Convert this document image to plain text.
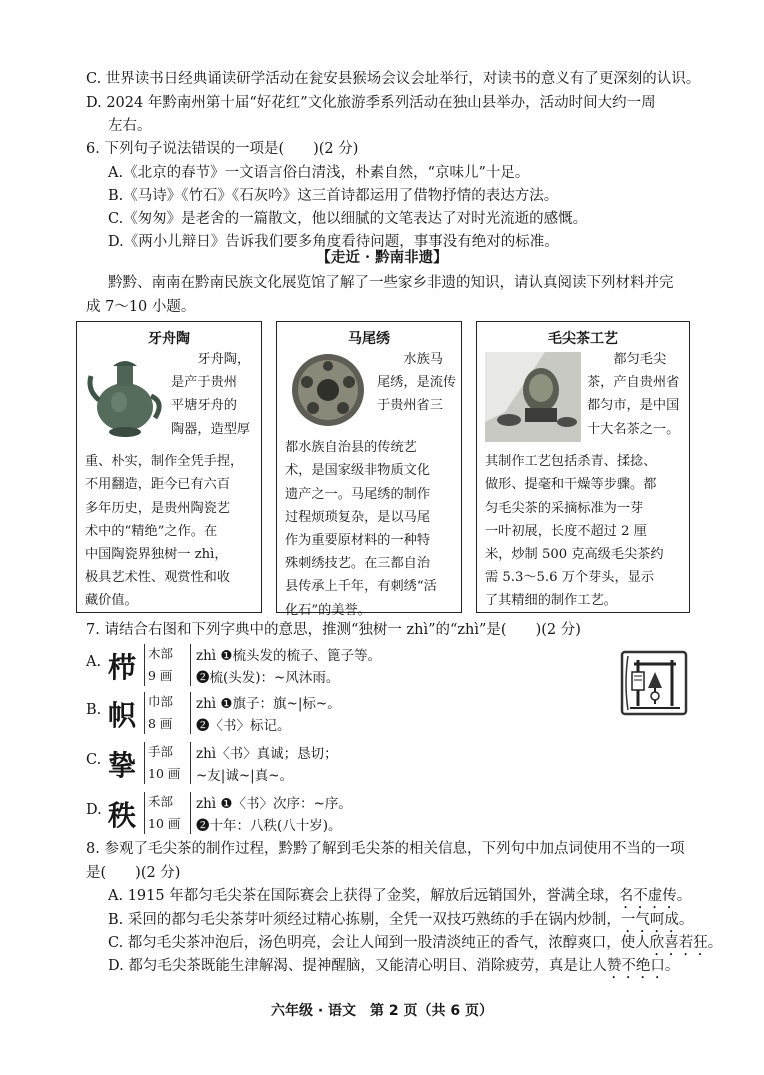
C. 世界读书日经典诵读研学活动在瓮安县猴场会议会址举行，对读书的意义有了更深刻的认识。
D. 2024 年黔南州第十届“好花红”文化旅游季系列活动在独山县举办，活动时间大约一周
左右。
6. 下列句子说法错误的一项是(　　)(2 分)
A.《北京的春节》一文语言俗白清浅，朴素自然，“京味儿”十足。
B.《马诗》《竹石》《石灰吟》这三首诗都运用了借物抒情的表达方法。
C.《匆匆》是老舍的一篇散文，他以细腻的文笔表达了对时光流逝的感慨。
D.《两小儿辩日》告诉我们要多角度看待问题，事事没有绝对的标准。
【走近 · 黔南非遗】
黔黔、南南在黔南民族文化展览馆了解了一些家乡非遗的知识，请认真阅读下列材料并完
成 7～10 小题。
牙舟陶
牙舟陶，
是产于贵州
平塘牙舟的
陶器，造型厚
重、朴实，制作全凭手捏，
不用翻造，距今已有六百
多年历史，是贵州陶瓷艺
术中的“精绝”之作。在
中国陶瓷界独树一 zhì，
极具艺术性、观赏性和收
藏价值。
马尾绣
水族马
尾绣，是流传
于贵州省三
都水族自治县的传统艺
术，是国家级非物质文化
遗产之一。马尾绣的制作
过程烦琐复杂，是以马尾
作为重要原材料的一种特
殊刺绣技艺。在三都自治
县传承上千年，有刺绣“活
化石”的美誉。
毛尖茶工艺
都匀毛尖
茶，产自贵州省
都匀市，是中国
十大名茶之一。
其制作工艺包括杀青、揉捻、
做形、提毫和干燥等步骤。都
匀毛尖茶的采摘标准为一芽
一叶初展，长度不超过 2 厘
米，炒制 500 克高级毛尖茶约
需 5.3～5.6 万个芽头，显示
了其精细的制作工艺。
7. 请结合右图和下列字典中的意思，推测“独树一 zhì”的“zhì”是(　　)(2 分)
A. 栉 木部
9 画
zhì ❶梳头发的梳子、篦子等。
❷梳(头发)：~风沐雨。
B. 帜 巾部
8 画
zhì ❶旗子：旗~|标~。
❷〈书〉标记。
C. 挚 手部
10 画
zhì〈书〉真诚；恳切；
~友|诚~|真~。
D. 秩 禾部
10 画
zhì ❶〈书〉次序：~序。
❷十年：八秩(八十岁)。
8. 参观了毛尖茶的制作过程，黔黔了解到毛尖茶的相关信息，下列句中加点词使用不当的一项
是(　　)(2 分)
A. 1915 年都匀毛尖茶在国际赛会上获得了金奖，解放后远销国外，誉满全球，名不虚传。
B. 采回的都匀毛尖茶芽叶须经过精心拣剔，全凭一双技巧熟练的手在锅内炒制，一气呵成。
C. 都匀毛尖茶冲泡后，汤色明亮，会让人闻到一股清淡纯正的香气，浓醇爽口，使人欣喜若狂。
D. 都匀毛尖茶既能生津解渴、提神醒脑，又能清心明目、消除疲劳，真是让人赞不绝口。
六年级 · 语文　第 2 页（共 6 页）
